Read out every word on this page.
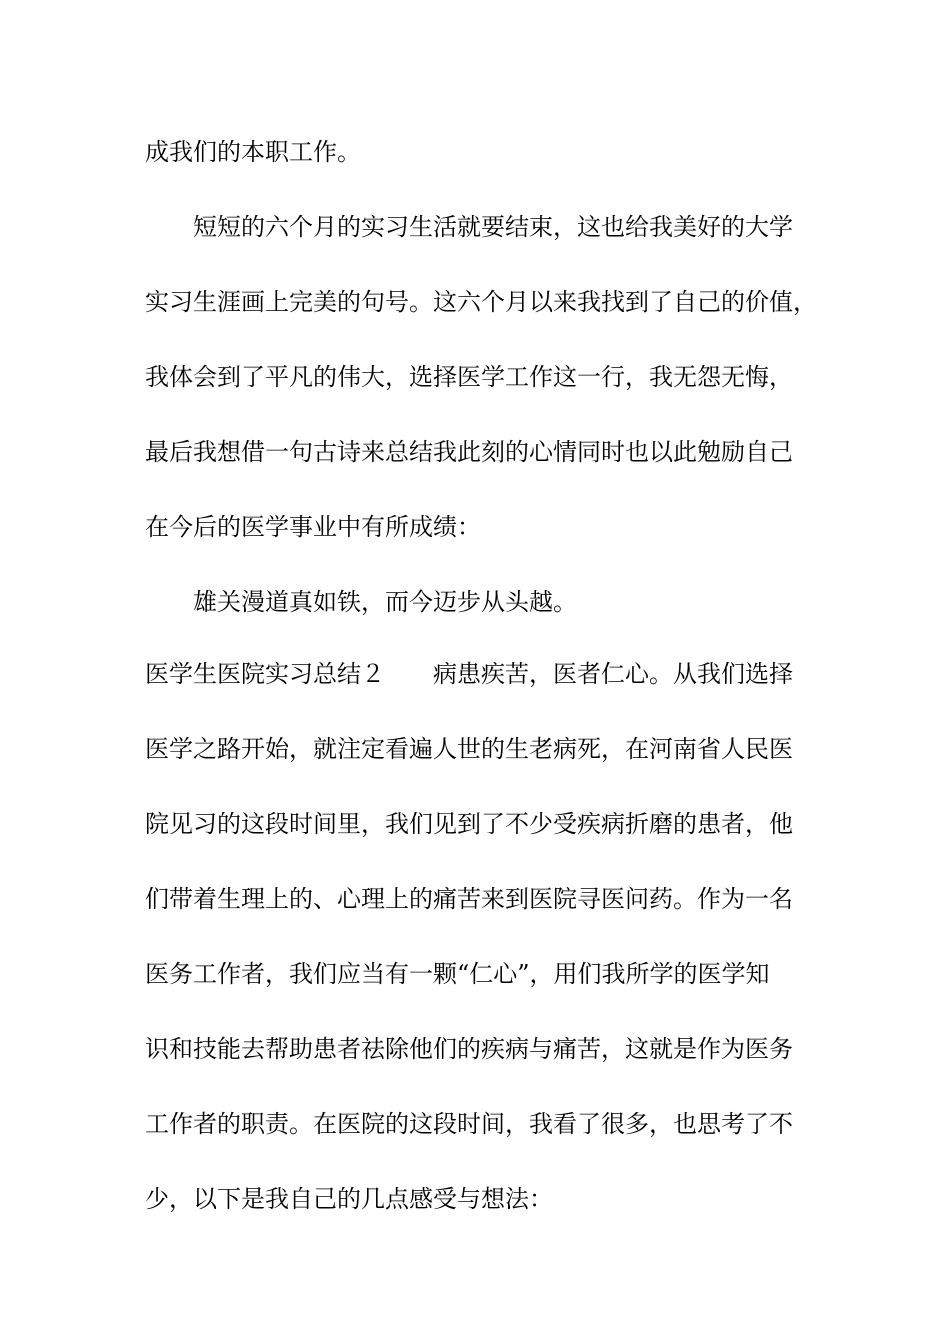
成我们的本职工作。
短短的六个月的实习生活就要结束，这也给我美好的大学
实习生涯画上完美的句号。这六个月以来我找到了自己的价值，
我体会到了平凡的伟大，选择医学工作这一行，我无怨无悔，
最后我想借一句古诗来总结我此刻的心情同时也以此勉励自己
在今后的医学事业中有所成绩：
雄关漫道真如铁，而今迈步从头越。
医学生医院实习总结２　　病患疾苦，医者仁心。从我们选择
医学之路开始，就注定看遍人世的生老病死，在河南省人民医
院见习的这段时间里，我们见到了不少受疾病折磨的患者，他
们带着生理上的、心理上的痛苦来到医院寻医问药。作为一名
医务工作者，我们应当有一颗“仁心”，用们我所学的医学知
识和技能去帮助患者祛除他们的疾病与痛苦，这就是作为医务
工作者的职责。在医院的这段时间，我看了很多，也思考了不
少，以下是我自己的几点感受与想法：
